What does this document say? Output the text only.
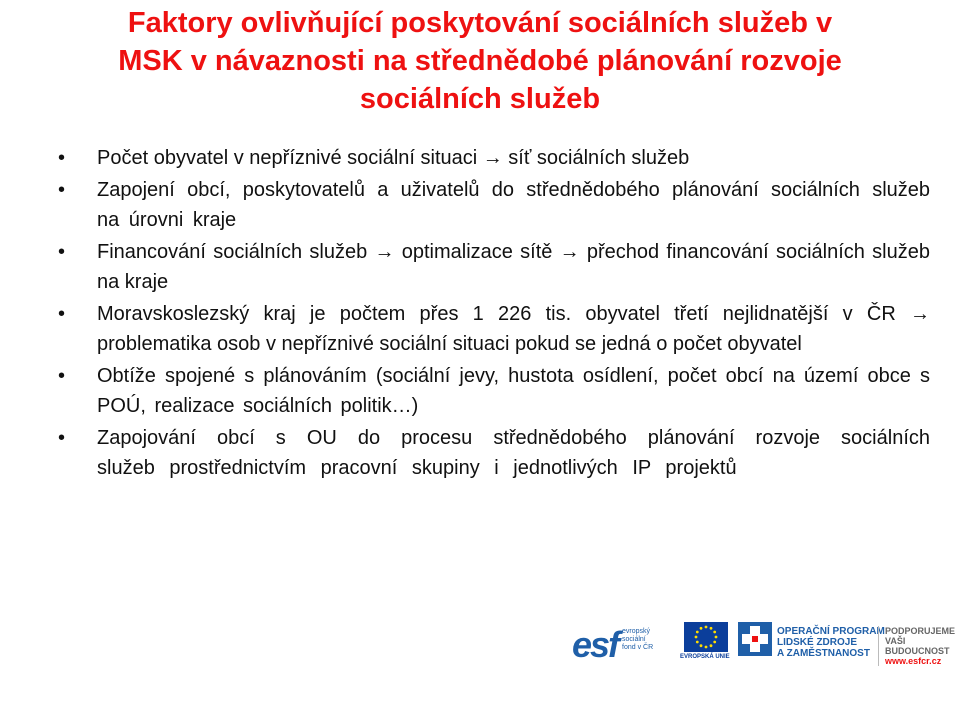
Faktory ovlivňující poskytování sociálních služeb v
MSK v návaznosti na střednědobé plánování rozvoje
sociálních služeb
• Počet obyvatel v nepříznivé sociální situaci → síť sociálních služeb
• Zapojení obcí, poskytovatelů a uživatelů do střednědobého plánování sociálních služeb na úrovni kraje
• Financování sociálních služeb → optimalizace sítě → přechod financování sociálních služeb na kraje
• Moravskoslezský kraj je počtem přes 1 226 tis. obyvatel třetí nejlidnatější v ČR → problematika osob v nepříznivé sociální situaci pokud se jedná o počet obyvatel
• Obtíže spojené s plánováním (sociální jevy, hustota osídlení, počet obcí na území obce s POÚ, realizace sociálních politik…)
• Zapojování obcí s OU do procesu střednědobého plánování rozvoje sociálních služeb prostřednictvím pracovní skupiny i jednotlivých IP projektů
esf evropský
sociální
fond v ČR
EVROPSKÁ UNIE
OPERAČNÍ PROGRAM
LIDSKÉ ZDROJE
A ZAMĚSTNANOST
PODPORUJEME
VAŠI BUDOUCNOST
www.esfcr.cz
